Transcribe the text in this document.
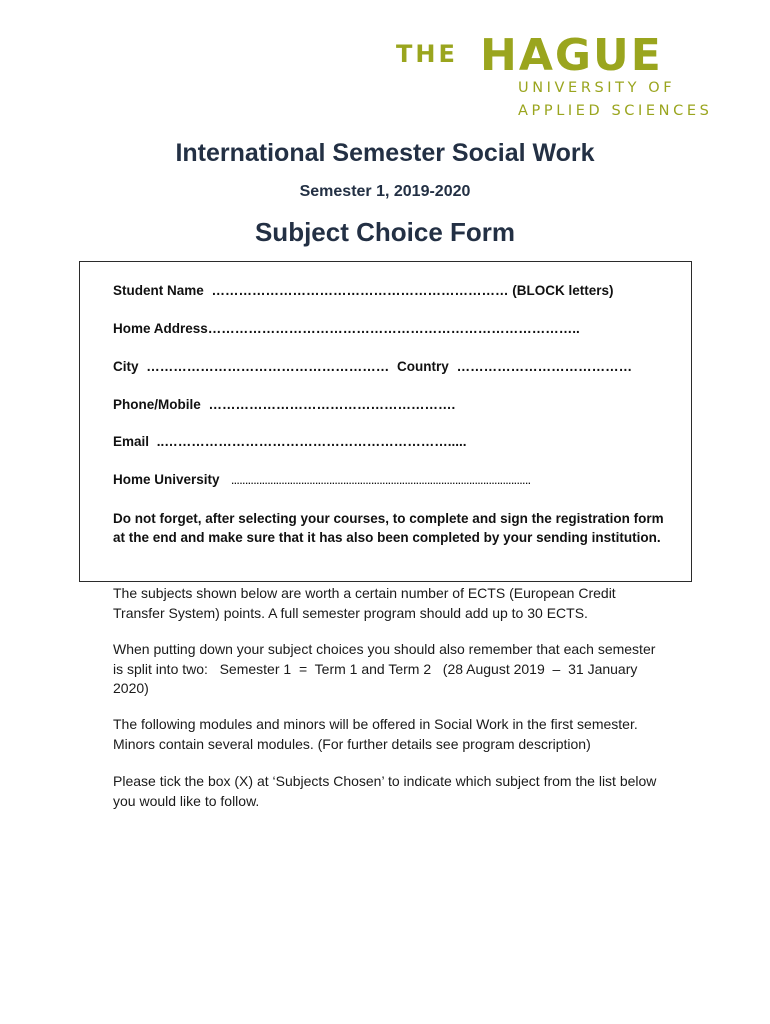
THE HAGUE
UNIVERSITY OF
APPLIED SCIENCES
International Semester Social Work
Semester 1, 2019-2020
Subject Choice Form
Student Name ………………………………………………………… (BLOCK letters)
Home Address………………………………………………………………………..
City ……………………………………………… Country …………………………………
Phone/Mobile ……………………………………………….
Email ..……………………………………………………….....
Home University ...........................................................................................................
Do not forget, after selecting your courses, to complete and sign the registration form at the end and make sure that it has also been completed by your sending institution.
The subjects shown below are worth a certain number of ECTS (European Credit
Transfer System) points. A full semester program should add up to 30 ECTS.
When putting down your subject choices you should also remember that each semester
is split into two:   Semester 1  =  Term 1 and Term 2   (28 August 2019  –  31 January
2020)
The following modules and minors will be offered in Social Work in the first semester.
Minors contain several modules. (For further details see program description)
Please tick the box (X) at ‘Subjects Chosen’ to indicate which subject from the list below
you would like to follow.
